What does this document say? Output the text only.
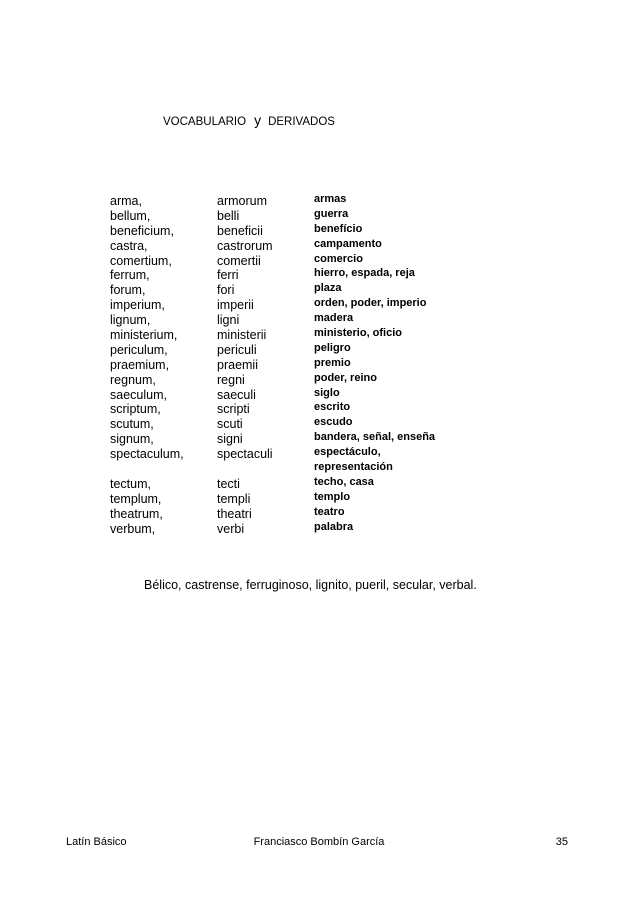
VOCABULARIO y DERIVADOS
arma,	armorum	armas
bellum,	belli	guerra
beneficium,	beneficii	benefício
castra,	castrorum	campamento
comertium,	comertii	comercio
ferrum,	ferri	hierro, espada, reja
forum,	fori	plaza
imperium,	imperii	orden, poder, imperio
lignum,	ligni	madera
ministerium,	ministerii	ministerio, oficio
periculum,	periculi	peligro
praemium,	praemii	premio
regnum,	regni	poder, reino
saeculum,	saeculi	siglo
scriptum,	scripti	escrito
scutum,	scuti	escudo
signum,	signi	bandera, señal, enseña
spectaculum,	spectaculi	espectáculo,
representación
tectum,	tecti	techo, casa
templum,	templi	templo
theatrum,	theatri	teatro
verbum,	verbi	palabra
Bélico, castrense, ferruginoso, lignito, pueril, secular, verbal.
Latín Básico	Franciasco Bombín García	35
